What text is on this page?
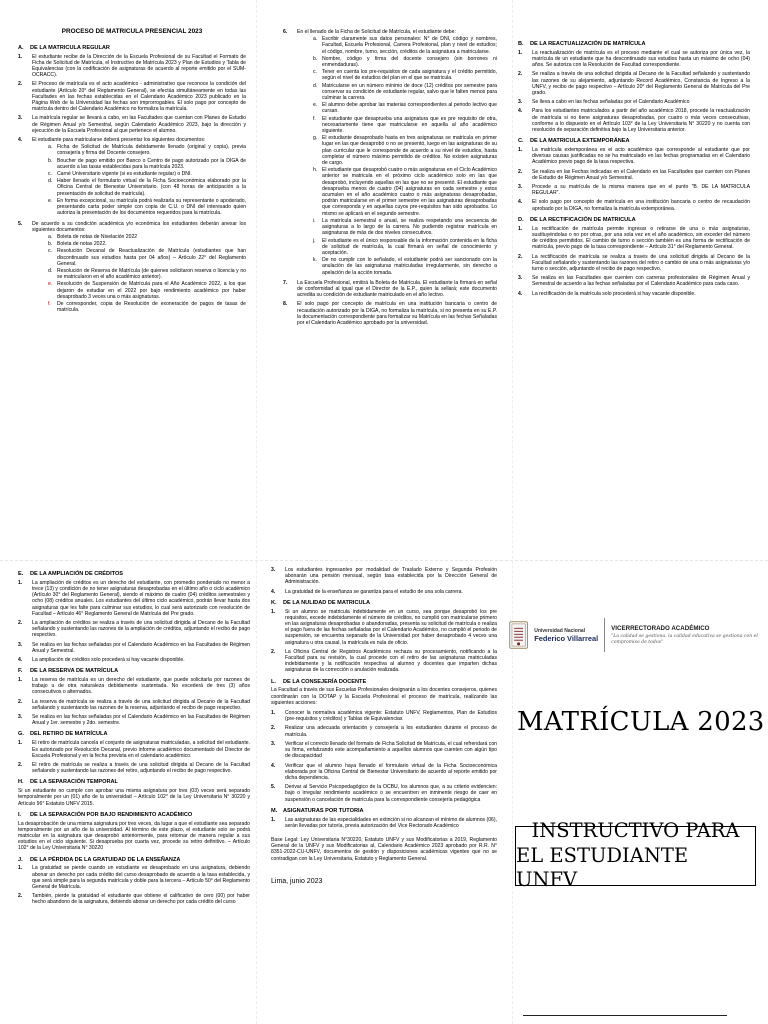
PROCESO DE MATRICULA PRESENCIAL 2023
A. DE LA MATRICULA REGULAR
1.	El estudiante recibe de la Dirección de la Escuela Profesional de su Facultad el Formato de Ficha de Solicitud de Matrícula, el Instructivo de Matrícula 2023 y Plan de Estudios y Tabla de Equivalencias (con la codificación de asignaturas de acuerdo al reporte emitido por el SUM-OCRACC).
2.	El Proceso de matrícula es el acto académico - administrativo que reconoce la condición del estudiante (Artículo 20° del Reglamento General), se efectúa simultáneamente en todas las Facultades en las fechas establecidas en el Calendario Académico 2023 publicado en la Página Web de la Universidad las fechas son improrrogables. El solo pago por concepto de matrícula dentro del Calendario Académico no formaliza la matrícula.
3.	La matrícula regular se llevará a cabo, en las Facultades que cuentan con Planes de Estudio de Régimen Anual y/o Semestral, según Calendario Académico 2023, bajo la dirección y ejecución de la Escuela Profesional al que pertenece el alumno.
4.	El estudiante para matricularse deberá presentar los siguientes documentos:
a. Ficha de Solicitud de Matrícula debidamente llenado (original y copia), previa consejería y firma del Docente consejero.
b. Boucher de pago emitido por Banco o Centro de pago autorizado por la DIGA de acuerdo a las tasas establecidas para la matrícula 2023.
c. Carné Universitario vigente (si es estudiante regular) o DNI.
d. Haber llenado el formulario virtual de la Ficha Socioeconómica elaborado por la Oficina Central de Bienestar Universitario. (con 48 horas de anticipación a la presentación de solicitud de matrícula).
e. En forma excepcional, su matrícula podrá realizarla su representante o apoderado, presentando carta poder simple con copia de C.U. o DNI del interesado quien autoriza la presentación de los documentos requeridos para la matrícula.
5.	De acuerdo a su condición académica y/o económica los estudiantes deberán anexar los siguientes documentos:
a. Boleta de notas de Nivelación 2022
b. Boleta de notas 2022.
c. Resolución Decanal de Reactualización de Matrícula (estudiantes que han discontinuado sus estudios hasta por 04 años) – Artículo 22° del Reglamento General.
d. Resolución de Reserva de Matrícula (de quienes solicitaron reserva o licencia y no se matricularon en el año académico anterior).
e. Resolución de Suspensión de Matrícula para el Año Académico 2022, a los que dejaron de estudiar en el 2022 por bajo rendimiento académico por haber desaprobado 3 veces una o más asignaturas.
f.	De corresponder, copia de Resolución de exoneración de pagos de tasas de matrícula.
6.	En el llenado de la Ficha de Solicitud de Matrícula, el estudiante debe:
a. Escribir claramente sus datos personales: N° de DNI, código y nombres, Facultad, Escuela Profesional, Carrera Profesional, plan y nivel de estudios; el código, nombre, turno, sección, créditos de la asignatura a matricularse.
b. Nombre, código y firma del docente consejero (sin borrones ni enmendaduras).
c. Tener en cuenta los pre-requisitos de cada asignatura y el crédito permitido, según el nivel de estudios del plan en el que se matricula.
d. Matricularse en un número mínimo de doce (12) créditos por semestre para conservar su condición de estudiante regular, salvo que le falten menos para culminar la carrera.
e. El alumno debe aprobar las materias correspondientes al periodo lectivo que cursan.
f.	El estudiante que desaprueba una asignatura que es pre requisito de otra, necesariamente tiene que matricularse en aquella al año académico siguiente.
g. El estudiante desaprobado hasta en tres asignaturas se matricula en primer lugar en las que desaprobó o no se presentó, luego en las asignaturas de su plan curricular que le corresponde de acuerdo a su nivel de estudios, hasta completar el número máximo permitido de créditos. No existen asignaturas de cargo.
h. El estudiante que desaprobó cuatro o más asignaturas en el Ciclo Académico anterior se matricula en el próximo ciclo académico solo en las que desaprobó, incluyendo aquellas en las que no se presentó. El estudiante que desaprueba menos de cuatro (04) asignaturas en cada semestre y estos acumulen en el año académico cuatro o más asignaturas desaprobadas, podrán matricularse en el primer semestre en las asignaturas desaprobadas que corresponda y en aquellas cuyos pre-requisitos han sido aprobados. Lo mismo se aplicará en el segundo semestre.
i.	La matrícula semestral o anual, se realiza respetando una secuencia de asignaturas a lo largo de la carrera. No pudiendo registrar matrícula en asignaturas de más de dos niveles consecutivos.
j.	El estudiante es el único responsable de la información contenida en la ficha de solicitud de matrícula, la cual firmará en señal de conocimiento y aceptación.
k. De no cumplir con lo señalado, el estudiante podrá ser sancionado con la anulación de las asignaturas matriculadas irregularmente, sin derecho a apelación de la acción tomada.
7.	La Escuela Profesional, emitirá la Boleta de Matrícula. El estudiante la firmará en señal de conformidad al igual que el Director de la E.P., quien la sellará; este documento acredita su condición de estudiante matriculado en el año lectivo.
8.	El solo pago por concepto de matrícula en una institución bancaria o centro de recaudación autorizado por la DIGA, no formaliza la matrícula, si no presenta en su E.P. la documentación correspondiente para formalizar su Matrícula en las fechas Señaladas por el Calendario Académico aprobado por la universidad.
B. DE LA REACTUALIZACIÓN DE MATRÍCULA
1.	La reactualización de matrícula es el proceso mediante el cual se autoriza por única vez, la matrícula de un estudiante que ha descontinuado sus estudios hasta un máximo de ocho (04) años. Se autoriza con la Resolución de Facultad correspondiente.
2.	Se realiza a través de una solicitud dirigida al Decano de la Facultad señalando y sustentando las razones de su alejamiento, adjuntando Record Académico, Constancia de Ingreso a la UNFV, y recibo de pago respectivo – Artículo 20° del Reglamento General de Matrícula del Pre grado.
3.	Se lleva a cabo en las fechas señaladas por el Calendario Académico
4.	Para los estudiantes matriculados a partir del año académico 2018, procede la reactualización de matrícula si no tiene asignaturas desaprobadas, por cuatro o más veces consecutivas, conforme a lo dispuesto en el Artículo 103° de la Ley Universitaria N° 30220 y no cuenta con resolución de separación definitiva bajo la Ley Universitaria anterior.
C. DE LA MATRICULA EXTEMPORÁNEA
1.	La matrícula extemporánea es el acto académico que corresponde al estudiante que por diversas causas justificadas no se ha matriculado en las fechas programadas en el Calendario Académico previo pago de la tasa respectiva.
2.	Se realiza en las Fechas indicadas en el Calendario en las Facultades que cuenten con Planes de Estudio de Régimen Anual y/o Semestral.
3.	Procede a su matrícula de la misma manera que en el punto "B. DE LA MATRICULA REGULAR".
4.	El solo pago por concepto de matrícula en una institución bancaria o centro de recaudación aprobado por la DIGA, no formaliza la matrícula extemporánea.
D. DE LA RECTIFICACIÓN DE MATRICULA
1.	La rectificación de matrícula permite ingresar o retirarse de una o más asignaturas, sustituyéndolas o no por otras, por una sola vez en el año académico, sin exceder del número de créditos permitidos. El cambio de turno o sección también es una forma de rectificación de matrícula, previo pago de la tasa correspondiente – Artículo 31° del Reglamento General.
2.	La rectificación de matrícula se realiza a través de una solicitud dirigida al Decano de la Facultad señalando y sustentando las razones del retiro o cambio de una o más asignaturas y/o turno o sección, adjuntando el recibo de pago respectivo.
3.	Se realiza en las Facultades que cuenten con carreras profesionales de Régimen Anual y Semestral de acuerdo a las fechas señaladas por el Calendario Académico para cada caso.
4.	La rectificación de la matrícula solo procederá si hay vacante disponible.
E. DE LA AMPLIACIÓN DE CRÉDITOS
1.	La ampliación de créditos es un derecho del estudiante, con promedio ponderado no menor a trece (13) y condición de no tener asignaturas desaprobadas en el último año o ciclo académico (Artículo 30° del Reglamento General), siendo el máximo de cuatro (04) créditos semestrales y ocho (08) créditos anuales. Los estudiantes del último ciclo académico, podrán llevar hasta dos asignaturas que les falte para culminar sus estudios, lo cual será autorizado con resolución de Facultad – Artículo 46° Reglamento General de Matrícula del Pre grado.
2.	La ampliación de créditos se realiza a través de una solicitud dirigida al Decano de la Facultad señalando y sustentando las razones de la ampliación de créditos, adjuntando el recibo de pago respectivo.
3.	Se realiza en las fechas señaladas por el Calendario Académico en las Facultades de Régimen Anual y Semestral.
4.	La ampliación de créditos solo procederá si hay vacante disponible.
F. DE LA RESERVA DE MATRÍCULA
1.	La reserva de matrícula es un derecho del estudiante, que puede solicitarla por razones de trabajo u de otra naturaleza debidamente sustentada. No excederá de tres (3) años consecutivos o alternados.
2.	La reserva de matrícula se realiza a través de una solicitud dirigida al Decano de la Facultad señalando y sustentando las razones de la reserva, adjuntando el recibo de pago respectivo.
3.	Se realiza en las fechas señaladas por el Calendario Académico en las Facultades de Régimen Anual y 1er. semestre y 2do. semestre.
G. DEL RETIRO DE MATRÍCULA
1.	El retiro de matrícula cancela el conjunto de asignaturas matriculadas, a solicitud del estudiante. Es autorizado por Resolución Decanal, previo informe académico documentado del Director de Escuela Profesional y en la fecha prevista en el calendario académico.
2.	El retiro de matrícula se realiza a través de una solicitud dirigida al Decano de la Facultad señalando y sustentando las razones del retiro, adjuntando el recibo de pago respectivo.
H. DE LA SEPARACIÓN TEMPORAL
Si un estudiante no cumple con aprobar una misma asignatura por tres (03) veces será separado temporalmente por un (01) año de la universidad – Artículo 102° de la Ley Universitaria N° 30220 y Artículo 96° Estatuto UNFV 2015.
I. DE LA SEPARACIÓN POR BAJO RENDIMIENTO ACADÉMICO
La desaprobación de una misma asignatura por tres veces, da lugar a que el estudiante sea separado temporalmente por un año de la universidad. Al término de este plazo, el estudiante solo se podrá matricular en la asignatura que desaprobó anteriormente, para retornar de manera regular a sus estudios en el ciclo siguiente. Si desaprueba por cuarta vez, procede su retiro definitivo. – Artículo 102° de la Ley Universitaria N° 30220
J. DE LA PÉRDIDA DE LA GRATUIDAD DE LA ENSEÑANZA
1.	La gratuidad se pierde cuando un estudiante es desaprobado en una asignatura, debiendo abonar un derecho por cada crédito del curso desaprobado de acuerdo a la tasa establecida, y que será simple para la segunda matrícula y doble para la tercera – Artículo 50° del Reglamento General de Matrícula.
2.	También, pierde la gratuidad el estudiante que obtiene el calificativo de cero (00) por haber hecho abandono de la asignatura, debiendo abonar un derecho por cada crédito del curso
3.	Los estudiantes ingresantes por modalidad de Traslado Externo y Segunda Profesión abonarán una pensión mensual, según tasa establecida por la Dirección General de Administración.
4.	La gratuidad de la enseñanza se garantiza para el estudio de una sola carrera.
K. DE LA NULIDAD DE MATRICULA
1.	Si un alumno se matricula indebidamente en un curso, sea porque desaprobó los pre requisitos, excede indebidamente el número de créditos, no cumplió con matricularse primero en las asignaturas desaprobadas o abandonadas, presenta su solicitud de matrícula o realiza el pago fuera de las fechas señaladas por el Calendario Académico, no cumplió el periodo de suspensión, se encuentra separado de la Universidad por haber desaprobado 4 veces una asignatura u otra causal, la matrícula es nula de oficio.
2.	La Oficina Central de Registros Académicos rechaza su procesamiento, notificando a la Facultad para su revisión, la cual procede con el retiro de las asignaturas matriculadas indebidamente y la notificación respectiva al alumno y docentes que imparten dichas asignaturas de la corrección o anulación realizada.
L. DE LA CONSEJERÍA DOCENTE
La Facultad a través de sus Escuelas Profesionales designarán a los docentes consejeros, quienes coordinarán con la DOTAP y la Escuela Profesional el proceso de matrícula, realizando las siguientes acciones:
1.	Conocer la normativa académica vigente: Estatuto UNFV, Reglamentos, Plan de Estudios (pre-requisitos y créditos) y Tablas de Equivalencias
2.	Realizar una adecuada orientación y consejería a los estudiantes durante el proceso de matrícula.
3.	Verificar el correcto llenado del formato de Ficha Solicitud de Matrícula, el cual refrendará con su firma, enfatizando este acompañamiento a aquellos alumnos que cuenten con algún tipo de discapacidad
4.	Verificar que el alumno haya llenado el formulario virtual de la Ficha Socioeconómica elaborada por la Oficina Central de Bienestar Universitario de acuerdo al reporte emitido por dicha dependencia.
5.	Derivar al Servicio Psicopedagógico de la OCBU, los alumnos que, a su criterio evidencien: bajo o irregular rendimiento académico o se encuentren en inminente riesgo de caer en suspensión o cancelación de matrícula para la correspondiente consejería pedagógica
M. ASIGNATURAS POR TUTORIA
1.	Las asignaturas de las especialidades en extinción si no alcanzan el mínimo de alumnos (06), serán llevadas por tutoría, previa autorización del Vice Rectorado Académico
Base Legal: Ley Universitaria N°30220, Estatuto UNFV y sus Modificatorias a 2019, Reglamento General de la UNFV y sus Modificatorias al, Calendario Académico 2023 aprobado por R.R. N° 8351-2022-CU-UNFV, documentos de gestión y disposiciones académicas vigentes que no se contradigan con la Ley Universitaria, Estatuto y Reglamento General.
Lima, junio 2023
Universidad Nacional
Federico Villarreal
VICERRECTORADO ACADÉMICO
"La calidad se gestiona, la calidad educativa se gestiona con el compromiso de todos"
MATRÍCULA 2023
INSTRUCTIVO PARA
EL ESTUDIANTE UNFV
